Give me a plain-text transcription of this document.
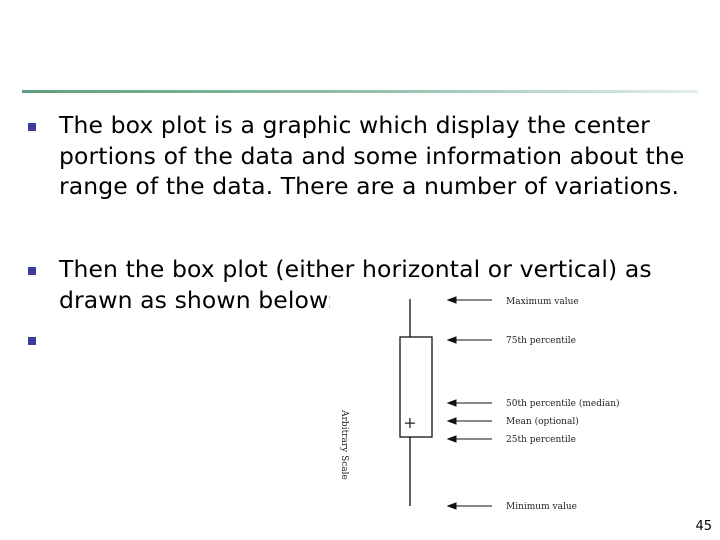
The box plot is a graphic which display the center portions of the data and some information about the range of the data. There are a number of variations.

Then the box plot (either horizontal or vertical) as drawn as shown below:

Arbitrary Scale	+
Maximum value
75th percentile
50th percentile (median)
Mean (optional)
25th percentile
Minimum value
45
